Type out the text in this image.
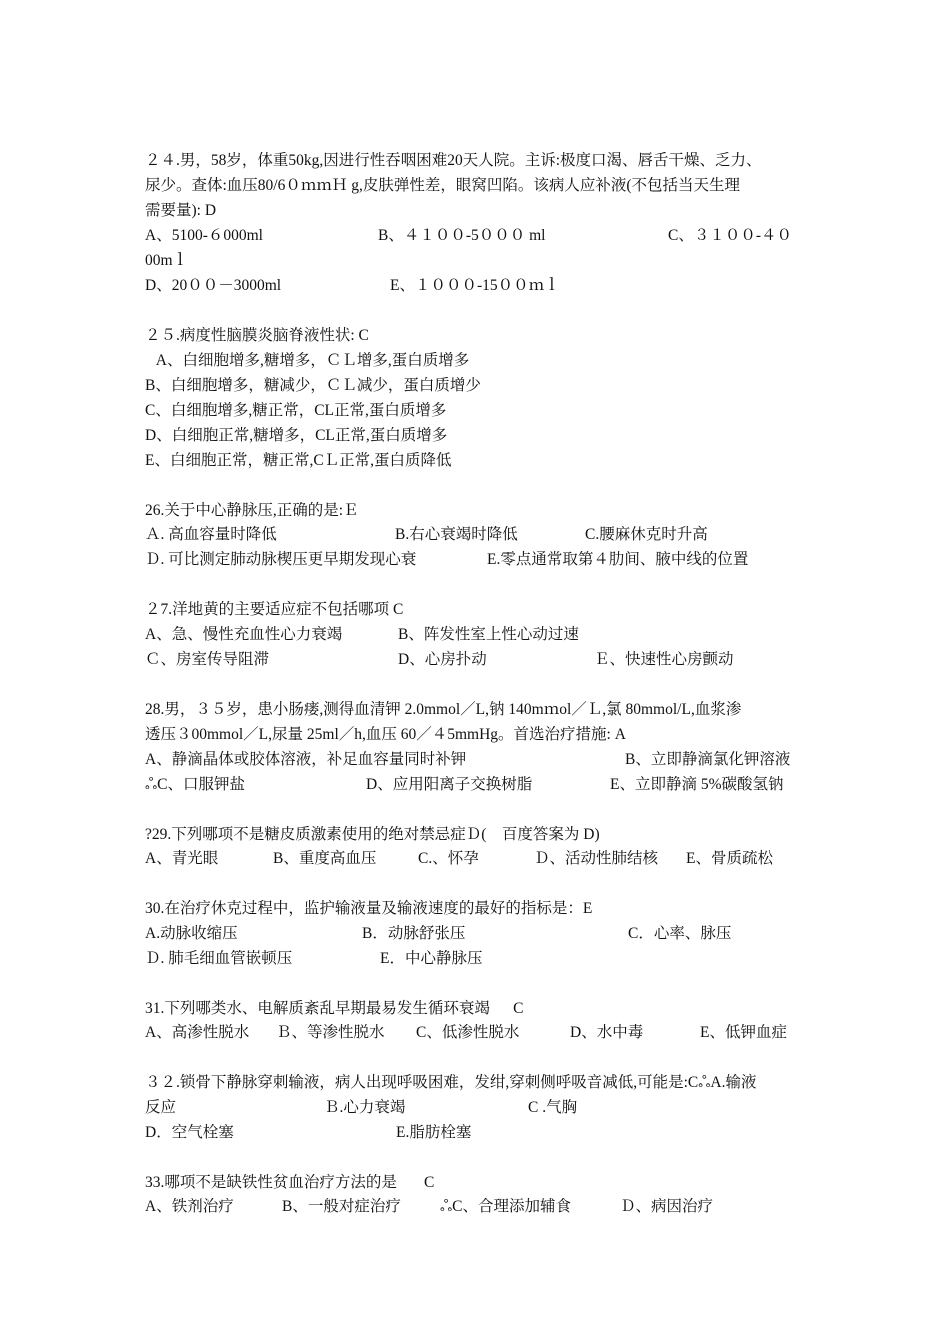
２４.男，58岁，体重50kg,因进行性吞咽困难20天人院。主诉:极度口渴、唇舌干燥、乏力、
尿少。查体:血压80/6０ｍｍＨ g,皮肤弹性差，眼窝凹陷。该病人应补液(不包括当天生理
需要量): D
A、5100-６000ml	B、４１００-5０００ ml	C、３１００-４０
00mｌ
D、20００－3000ml	E、１０００-15００ｍｌ
２５.病度性脑膜炎脑脊液性状: C
A、白细胞增多,糖增多，ＣＬ增多,蛋白质增多
B、白细胞增多，糖减少，ＣＬ减少，蛋白质增少
C、白细胞增多,糖正常，CL正常,蛋白质增多
D、白细胞正常,糖增多，CL正常,蛋白质增多
E、白细胞正常，糖正常,CＬ正常,蛋白质降低
26.关于中心静脉压,正确的是:Ｅ
Ａ. 高血容量时降低	B.右心衰竭时降低	C.腰麻休克时升高
Ｄ. 可比测定肺动脉楔压更早期发现心衰	E.零点通常取第４肋间、腋中线的位置
２7.洋地黄的主要适应症不包括哪项 C
A、急、慢性充血性心力衰竭	B、阵发性室上性心动过速
Ｃ、房室传导阻滞	D、心房扑动	Ｅ、快速性心房颤动
28.男，３５岁，患小肠瘘,测得血清钾 2.0mmol／L,钠 140mｍol／Ｌ,氯 80mmol/L,血浆渗
透压３00mmol／L,尿量 25ml／h,血压 60／４5mmHg。首选治疗措施: A
A、静滴晶体或胶体溶液，补足血容量同时补钾	B、立即静滴氯化钾溶液
ஃC、口服钾盐	D、应用阳离子交换树脂	E、立即静滴 5%碳酸氢钠
?29.下列哪项不是糖皮质激素使用的绝对禁忌症Ｄ(    百度答案为 D)
A、青光眼	B、重度高血压	C.、怀孕	Ｄ、活动性肺结核 E、骨质疏松
30.在治疗休克过程中，监护输液量及输液速度的最好的指标是：E
A.动脉收缩压	B．动脉舒张压	C．心率、脉压
Ｄ. 肺毛细血管嵌顿压	E．中心静脉压
31.下列哪类水、电解质紊乱早期最易发生循环衰竭      C
A、高渗性脱水 Ｂ、等渗性脱水 C、低渗性脱水	D、水中毒	E、低钾血症
３２.锁骨下静脉穿刺输液，病人出现呼吸困难，发绀,穿刺侧呼吸音减低,可能是:CஃA.输液
反应	Ｂ.心力衰竭	C .气胸
D．空气栓塞	E.脂肪栓塞
33.哪项不是缺铁性贫血治疗方法的是       C
A、铁剂治疗	B、一般对症治疗	ஃC、合理添加辅食	Ｄ、病因治疗
